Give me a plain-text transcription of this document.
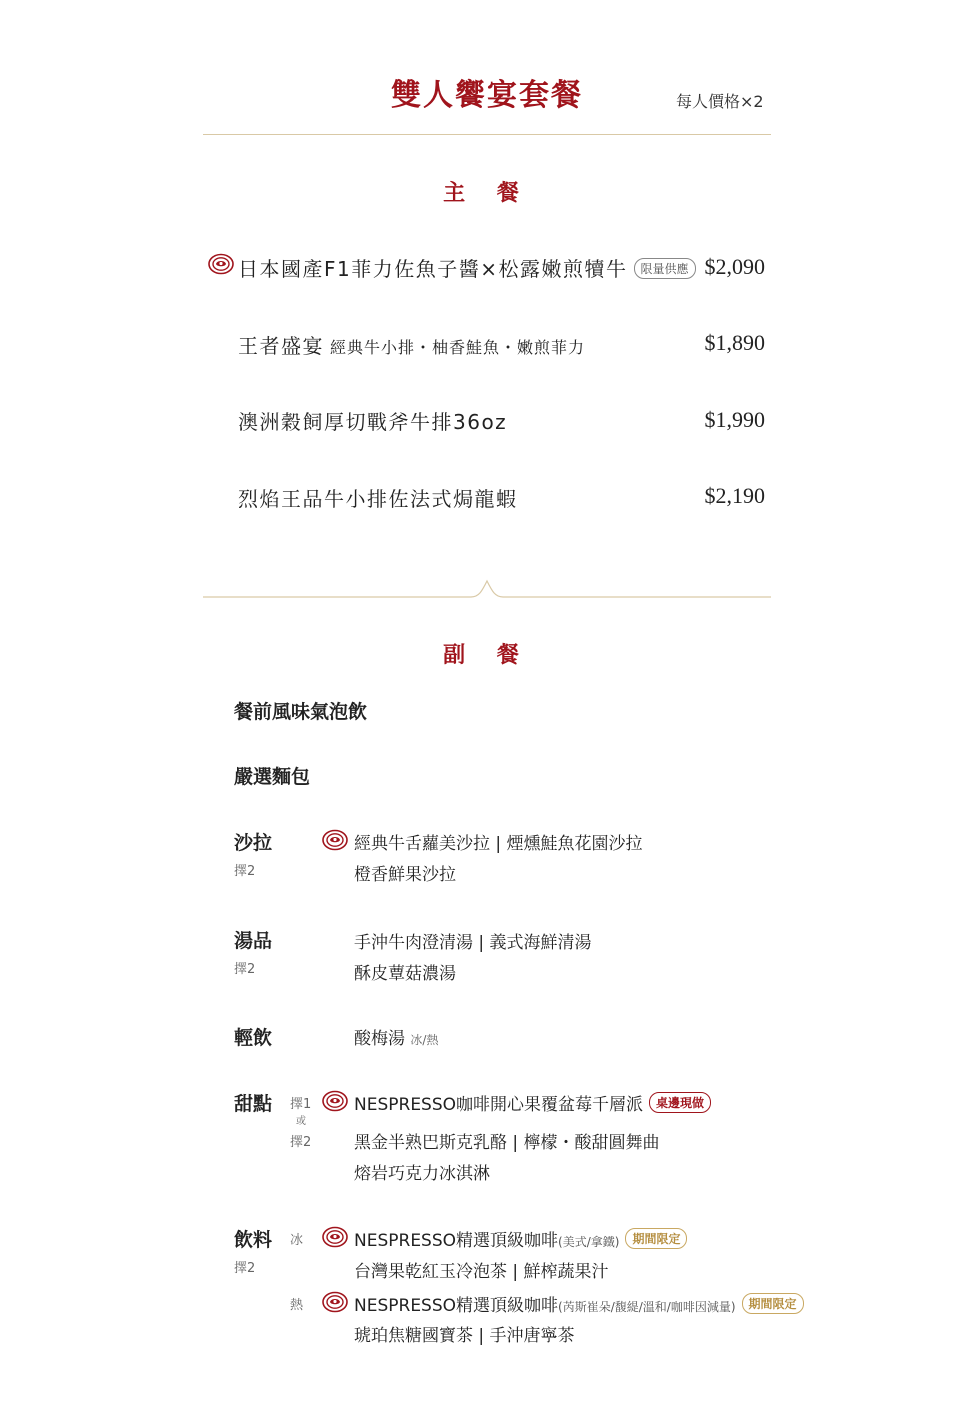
雙人饗宴套餐	每人價格×2
主 餐
日本國產F1菲力佐魚子醬×松露嫩煎犢牛 限量供應 $2,090
王者盛宴 經典牛小排・柚香鮭魚・嫩煎菲力	$1,890
澳洲穀飼厚切戰斧牛排36oz	$1,990
烈焰王品牛小排佐法式焗龍蝦	$2,190
副 餐
餐前風味氣泡飲
嚴選麵包
沙拉
擇2
經典牛舌蘿美沙拉 | 煙燻鮭魚花園沙拉
橙香鮮果沙拉
湯品
擇2
手沖牛肉澄清湯 | 義式海鮮清湯
酥皮蕈菇濃湯
輕飲	酸梅湯 冰/熱
甜點 擇1
或
擇2
NESPRESSO咖啡開心果覆盆莓千層派 桌邊現做
黑金半熟巴斯克乳酪 | 檸檬・酸甜圓舞曲
熔岩巧克力冰淇淋
飲料
擇2
冰	NESPRESSO精選頂級咖啡(美式/拿鐵) 期間限定
台灣果乾紅玉冷泡茶 | 鮮榨蔬果汁
熱	NESPRESSO精選頂級咖啡(芮斯崔朵/馥緹/溫和/咖啡因減量) 期間限定
琥珀焦糖國寶茶 | 手沖唐寧茶
